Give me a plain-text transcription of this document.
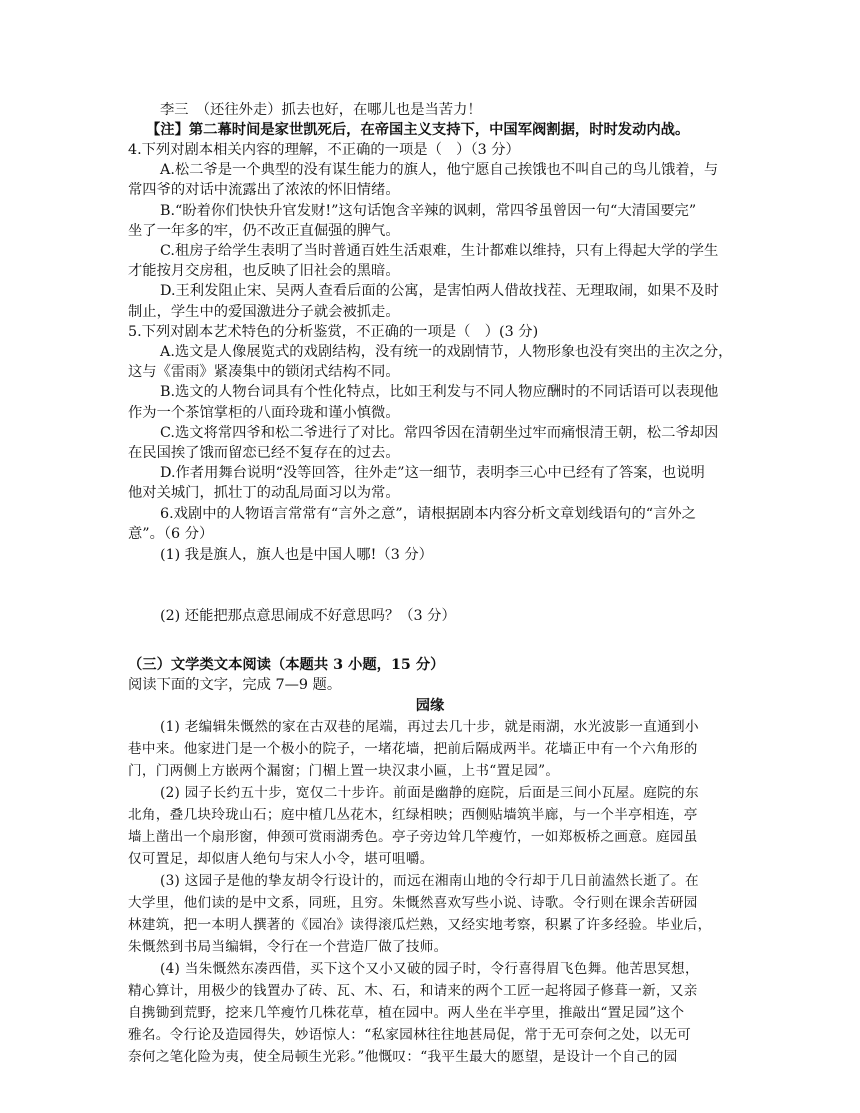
李三　（还往外走）抓去也好，在哪儿也是当苦力！
【注】第二幕时间是家世凯死后，在帝国主义支持下，中国军阀割据，时时发动内战。
4.下列对剧本相关内容的理解，不正确的一项是（　）（3 分）
A.松二爷是一个典型的没有谋生能力的旗人，他宁愿自己挨饿也不叫自己的鸟儿饿着，与
常四爷的对话中流露出了浓浓的怀旧情绪。
B.“盼着你们快快升官发财!”这句话饱含辛辣的讽刺，常四爷虽曾因一句“大清国要完”
坐了一年多的牢，仍不改正直倔强的脾气。
C.租房子给学生表明了当时普通百姓生活艰难，生计都难以维持，只有上得起大学的学生
才能按月交房租，也反映了旧社会的黑暗。
D.王利发阻止宋、吴两人查看后面的公寓，是害怕两人借故找茬、无理取闹，如果不及时
制止，学生中的爱国激进分子就会被抓走。
5.下列对剧本艺术特色的分析鉴赏，不正确的一项是（　）(3 分)
A.选文是人像展览式的戏剧结构，没有统一的戏剧情节，人物形象也没有突出的主次之分，
这与《雷雨》紧凑集中的锁闭式结构不同。
B.选文的人物台词具有个性化特点，比如王利发与不同人物应酬时的不同话语可以表现他
作为一个茶馆掌柜的八面玲珑和谨小慎微。
C.选文将常四爷和松二爷进行了对比。常四爷因在清朝坐过牢而痛恨清王朝，松二爷却因
在民国挨了饿而留恋已经不复存在的过去。
D.作者用舞台说明“没等回答，往外走”这一细节，表明李三心中已经有了答案，也说明
他对关城门，抓壮丁的动乱局面习以为常。
6.戏剧中的人物语言常常有“言外之意”，请根据剧本内容分析文章划线语句的“言外之
意”。（6 分）
(1) 我是旗人，旗人也是中国人哪!（3 分）
(2) 还能把那点意思闹成不好意思吗？（3 分）
（三）文学类文本阅读（本题共 3 小题，15 分）
阅读下面的文字，完成 7—9 题。
园缘
(1) 老编辑朱慨然的家在古双巷的尾端，再过去几十步，就是雨湖，水光波影一直通到小
巷中来。他家进门是一个极小的院子，一堵花墙，把前后隔成两半。花墙正中有一个六角形的
门，门两侧上方嵌两个漏窗；门楣上置一块汉隶小匾，上书“置足园”。
(2) 园子长约五十步，宽仅二十步许。前面是幽静的庭院，后面是三间小瓦屋。庭院的东
北角，叠几块玲珑山石；庭中植几丛花木，红绿相映；西侧贴墙筑半廊，与一个半亭相连，亭
墙上凿出一个扇形窗，伸颈可赏雨湖秀色。亭子旁边耸几竿瘦竹，一如郑板桥之画意。庭园虽
仅可置足，却似唐人绝句与宋人小令，堪可咀嚼。
(3) 这园子是他的挚友胡令行设计的，而远在湘南山地的令行却于几日前溘然长逝了。在
大学里，他们读的是中文系，同班，且穷。朱慨然喜欢写些小说、诗歌。令行则在课余苦研园
林建筑，把一本明人撰著的《园冶》读得滚瓜烂熟，又经实地考察，积累了许多经验。毕业后，
朱慨然到书局当编辑，令行在一个营造厂做了技师。
(4) 当朱慨然东凑西借，买下这个又小又破的园子时，令行喜得眉飞色舞。他苦思冥想，
精心算计，用极少的钱置办了砖、瓦、木、石，和请来的两个工匠一起将园子修葺一新，又亲
自携锄到荒野，挖来几竿瘦竹几株花草，植在园中。两人坐在半亭里，推敲出“置足园”这个
雅名。令行论及造园得失，妙语惊人：“私家园林往往地甚局促，常于无可奈何之处，以无可
奈何之笔化险为夷，使全局顿生光彩。”他慨叹：“我平生最大的愿望，是设计一个自己的园
